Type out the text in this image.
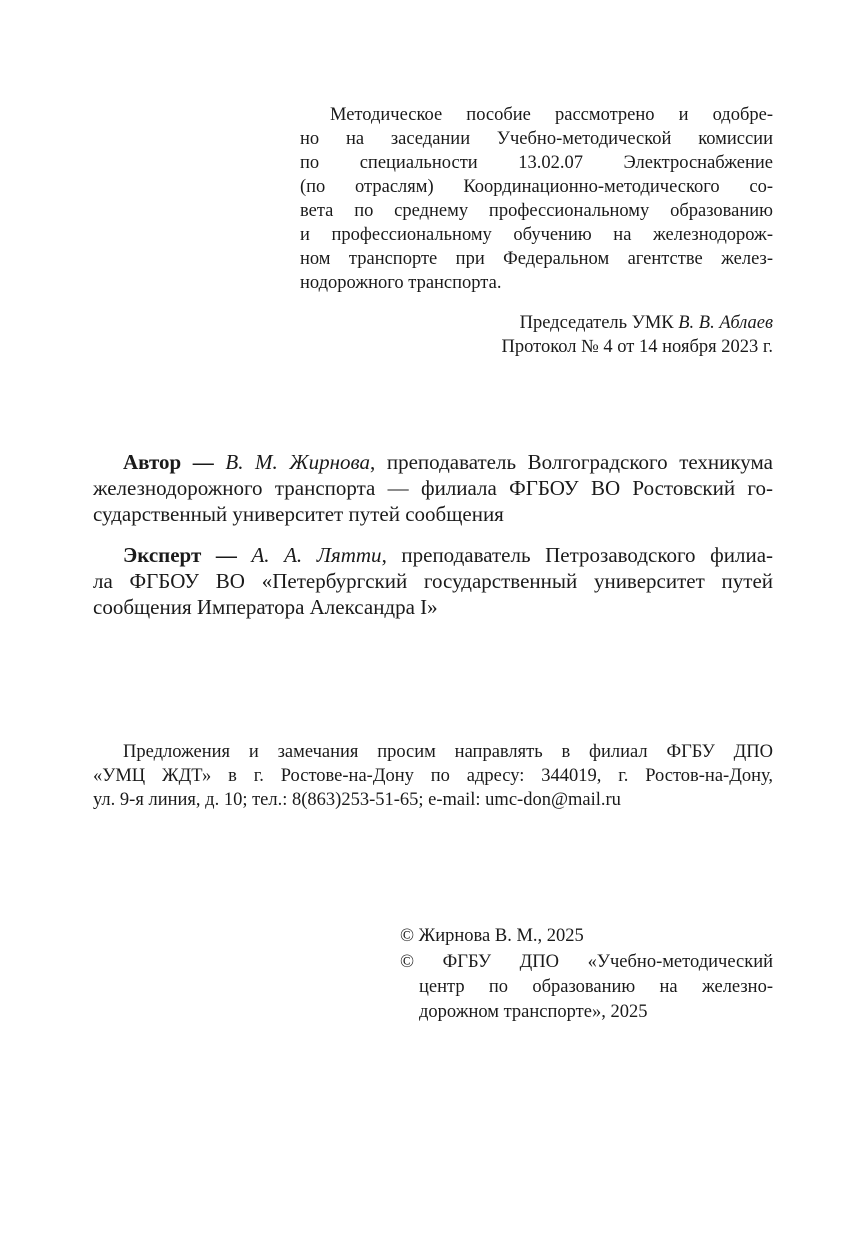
Методическое пособие рассмотрено и одобре-
но на заседании Учебно-методической комиссии
по специальности 13.02.07 Электроснабжение
(по отраслям) Координационно-методического со-
вета по среднему профессиональному образованию
и профессиональному обучению на железнодорож-
ном транспорте при Федеральном агентстве желез-
нодорожного транспорта.
Председатель УМК В. В. Аблаев
Протокол № 4 от 14 ноября 2023 г.
Автор — В. М. Жирнова, преподаватель Волгоградского техникума
железнодорожного транспорта — филиала ФГБОУ ВО Ростовский го-
сударственный университет путей сообщения
Эксперт — А. А. Лятти, преподаватель Петрозаводского филиа-
ла ФГБОУ ВО «Петербургский государственный университет путей
сообщения Императора Александра I»
Предложения и замечания просим направлять в филиал ФГБУ ДПО
«УМЦ ЖДТ» в г. Ростове-на-Дону по адресу: 344019, г. Ростов-на-Дону,
ул. 9-я линия, д. 10; тел.: 8(863)253-51-65; e-mail: umc-don@mail.ru
© Жирнова В. М., 2025
© ФГБУ ДПО «Учебно-методический
центр по образованию на железно-
дорожном транспорте», 2025
